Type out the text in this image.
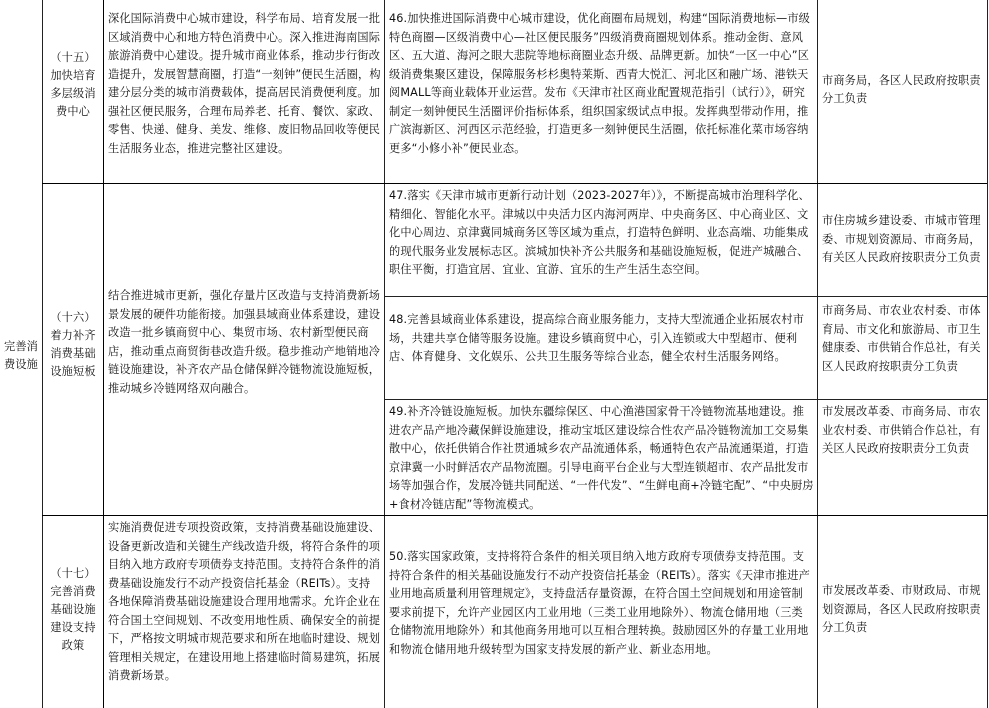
完善消费设施
（十五）加快培育多层级消费中心
深化国际消费中心城市建设，科学布局、培育发展一批区域消费中心和地方特色消费中心。深入推进海南国际旅游消费中心建设。提升城市商业体系，推动步行街改造提升，发展智慧商圈，打造“一刻钟”便民生活圈，构建分层分类的城市消费载体，提高居民消费便利度。加强社区便民服务，合理布局养老、托育、餐饮、家政、零售、快递、健身、美发、维修、废旧物品回收等便民生活服务业态，推进完整社区建设。
46.加快推进国际消费中心城市建设，优化商圈布局规划，构建“国际消费地标—市级特色商圈—区级消费中心—社区便民服务”四级消费商圈规划体系。推动金街、意风区、五大道、海河之眼大悲院等地标商圈业态升级、品牌更新。加快“一区一中心”区级消费集聚区建设，保障服务杉杉奥特莱斯、西青大悦汇、河北区和融广场、港铁天阅MALL等商业载体开业运营。发布《天津市社区商业配置规范指引（试行）》，研究制定一刻钟便民生活圈评价指标体系，组织国家级试点申报。发挥典型带动作用，推广滨海新区、河西区示范经验，打造更多一刻钟便民生活圈，依托标准化菜市场容纳更多“小修小补”便民业态。
市商务局，各区人民政府按职责分工负责
（十六）着力补齐消费基础设施短板
结合推进城市更新，强化存量片区改造与支持消费新场景发展的硬件功能衔接。加强县域商业体系建设，建设改造一批乡镇商贸中心、集贸市场、农村新型便民商店，推动重点商贸街巷改造升级。稳步推动产地销地冷链设施建设，补齐农产品仓储保鲜冷链物流设施短板，推动城乡冷链网络双向融合。
47.落实《天津市城市更新行动计划（2023-2027年）》，不断提高城市治理科学化、精细化、智能化水平。津城以中央活力区内海河两岸、中央商务区、中心商业区、文化中心周边、京津冀同城商务区等区域为重点，打造特色鲜明、业态高端、功能集成的现代服务业发展标志区。滨城加快补齐公共服务和基础设施短板，促进产城融合、职住平衡，打造宜居、宜业、宜游、宜乐的生产生活生态空间。
市住房城乡建设委、市城市管理委、市规划资源局、市商务局，有关区人民政府按职责分工负责
48.完善县域商业体系建设，提高综合商业服务能力，支持大型流通企业拓展农村市场，共建共享仓储等服务设施。建设乡镇商贸中心，引入连锁或大中型超市、便利店、体育健身、文化娱乐、公共卫生服务等综合业态，健全农村生活服务网络。
市商务局、市农业农村委、市体育局、市文化和旅游局、市卫生健康委、市供销合作总社，有关区人民政府按职责分工负责
49.补齐冷链设施短板。加快东疆综保区、中心渔港国家骨干冷链物流基地建设。推进农产品产地冷藏保鲜设施建设，推动宝坻区建设综合性农产品冷链物流加工交易集散中心，依托供销合作社贯通城乡农产品流通体系，畅通特色农产品流通渠道，打造京津冀一小时鲜活农产品物流圈。引导电商平台企业与大型连锁超市、农产品批发市场等加强合作，发展冷链共同配送、“一件代发”、“生鲜电商+冷链宅配”、“中央厨房+食材冷链店配”等物流模式。
市发展改革委、市商务局、市农业农村委、市供销合作总社，有关区人民政府按职责分工负责
（十七）完善消费基础设施建设支持政策
实施消费促进专项投资政策，支持消费基础设施建设、设备更新改造和关键生产线改造升级，将符合条件的项目纳入地方政府专项债券支持范围。支持符合条件的消费基础设施发行不动产投资信托基金（REITs）。支持各地保障消费基础设施建设合理用地需求。允许企业在符合国土空间规划、不改变用地性质、确保安全的前提下，严格按文明城市规范要求和所在地临时建设、规划管理相关规定，在建设用地上搭建临时简易建筑，拓展消费新场景。
50.落实国家政策，支持将符合条件的相关项目纳入地方政府专项债券支持范围。支持符合条件的相关基础设施发行不动产投资信托基金（REITs）。落实《天津市推进产业用地高质量利用管理规定》，支持盘活存量资源，在符合国土空间规划和用途管制要求前提下，允许产业园区内工业用地（三类工业用地除外）、物流仓储用地（三类仓储物流用地除外）和其他商务用地可以互相合理转换。鼓励园区外的存量工业用地和物流仓储用地升级转型为国家支持发展的新产业、新业态用地。
市发展改革委、市财政局、市规划资源局，各区人民政府按职责分工负责
